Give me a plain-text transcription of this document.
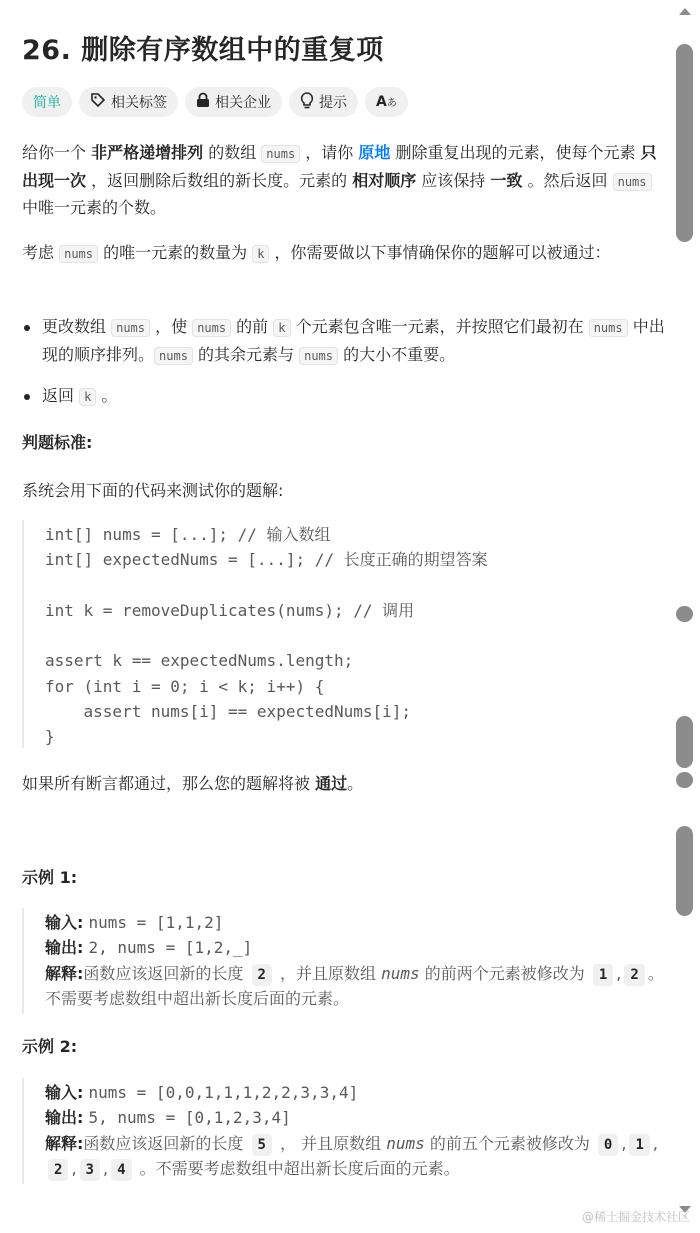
26. 删除有序数组中的重复项
简单	相关标签	相关企业	提示 Aあ
给你一个 非严格递增排列 的数组 nums ，请你 原地 删除重复出现的元素，使每个元素 只出现一次 ，返回删除后数组的新长度。元素的 相对顺序 应该保持 一致 。然后返回 nums 中唯一元素的个数。
考虑 nums 的唯一元素的数量为 k ，你需要做以下事情确保你的题解可以被通过：
更改数组 nums ，使 nums 的前 k 个元素包含唯一元素，并按照它们最初在 nums 中出现的顺序排列。 nums 的其余元素与 nums 的大小不重要。
返回 k 。
判题标准:
系统会用下面的代码来测试你的题解:
int[] nums = [...]; // 输入数组
int[] expectedNums = [...]; // 长度正确的期望答案

int k = removeDuplicates(nums); // 调用

assert k == expectedNums.length;
for (int i = 0; i < k; i++) {
assert nums[i] == expectedNums[i];
}
如果所有断言都通过，那么您的题解将被 通过。
示例 1:
输入: nums = [1,1,2]
输出: 2, nums = [1,2,_]
解释:函数应该返回新的长度 2 ，并且原数组 nums 的前两个元素被修改为 1 , 2 。不需要考虑数组中超出新长度后面的元素。
示例 2:
输入: nums = [0,0,1,1,1,2,2,3,3,4]
输出: 5, nums = [0,1,2,3,4]
解释:函数应该返回新的长度 5 ， 并且原数组 nums 的前五个元素被修改为 0 , 1 ,2 , 3 , 4 。不需要考虑数组中超出新长度后面的元素。
@稀土掘金技术社区
